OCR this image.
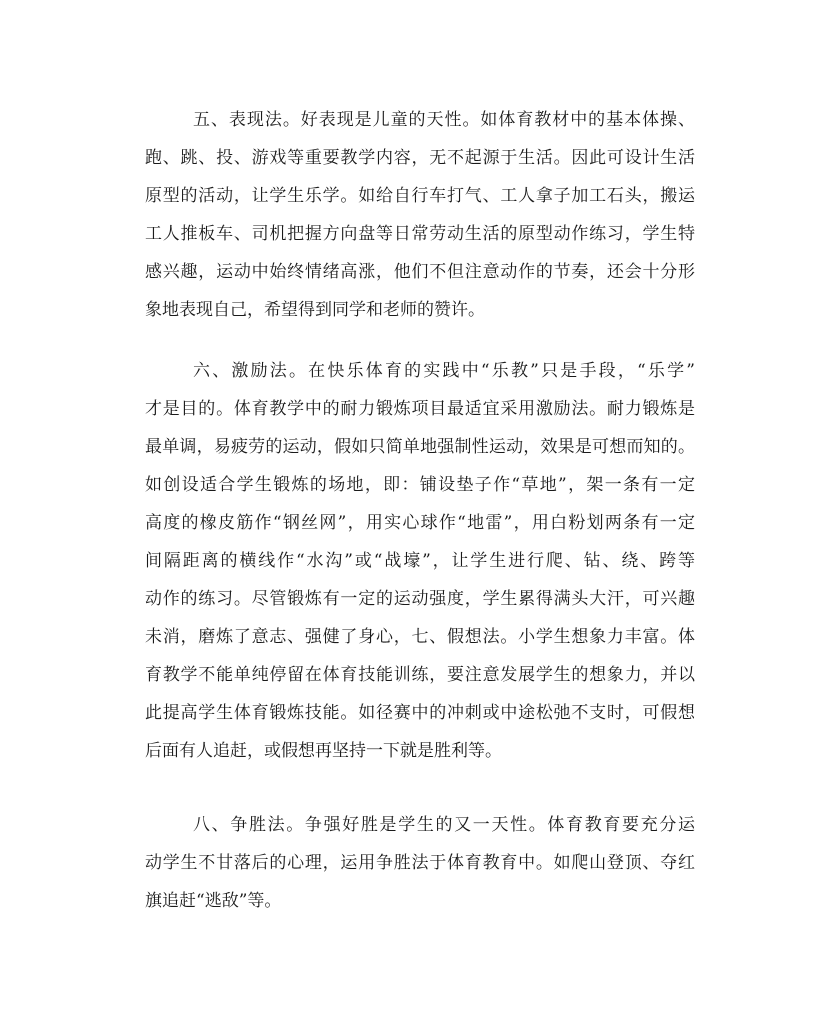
五、表现法。好表现是儿童的天性。如体育教材中的基本体操、
跑、跳、投、游戏等重要教学内容，无不起源于生活。因此可设计生活
原型的活动，让学生乐学。如给自行车打气、工人拿子加工石头，搬运
工人推板车、司机把握方向盘等日常劳动生活的原型动作练习，学生特
感兴趣，运动中始终情绪高涨，他们不但注意动作的节奏，还会十分形
象地表现自己，希望得到同学和老师的赞许。
六、激励法。在快乐体育的实践中“乐教”只是手段，“乐学”
才是目的。体育教学中的耐力锻炼项目最适宜采用激励法。耐力锻炼是
最单调，易疲劳的运动，假如只简单地强制性运动，效果是可想而知的。
如创设适合学生锻炼的场地，即：铺设垫子作“草地”，架一条有一定
高度的橡皮筋作“钢丝网”，用实心球作“地雷”，用白粉划两条有一定
间隔距离的横线作“水沟”或“战壕”，让学生进行爬、钻、绕、跨等
动作的练习。尽管锻炼有一定的运动强度，学生累得满头大汗，可兴趣
未消，磨炼了意志、强健了身心，七、假想法。小学生想象力丰富。体
育教学不能单纯停留在体育技能训练，要注意发展学生的想象力，并以
此提高学生体育锻炼技能。如径赛中的冲刺或中途松弛不支时，可假想
后面有人追赶，或假想再坚持一下就是胜利等。
八、争胜法。争强好胜是学生的又一天性。体育教育要充分运
动学生不甘落后的心理，运用争胜法于体育教育中。如爬山登顶、夺红
旗追赶“逃敌”等。
